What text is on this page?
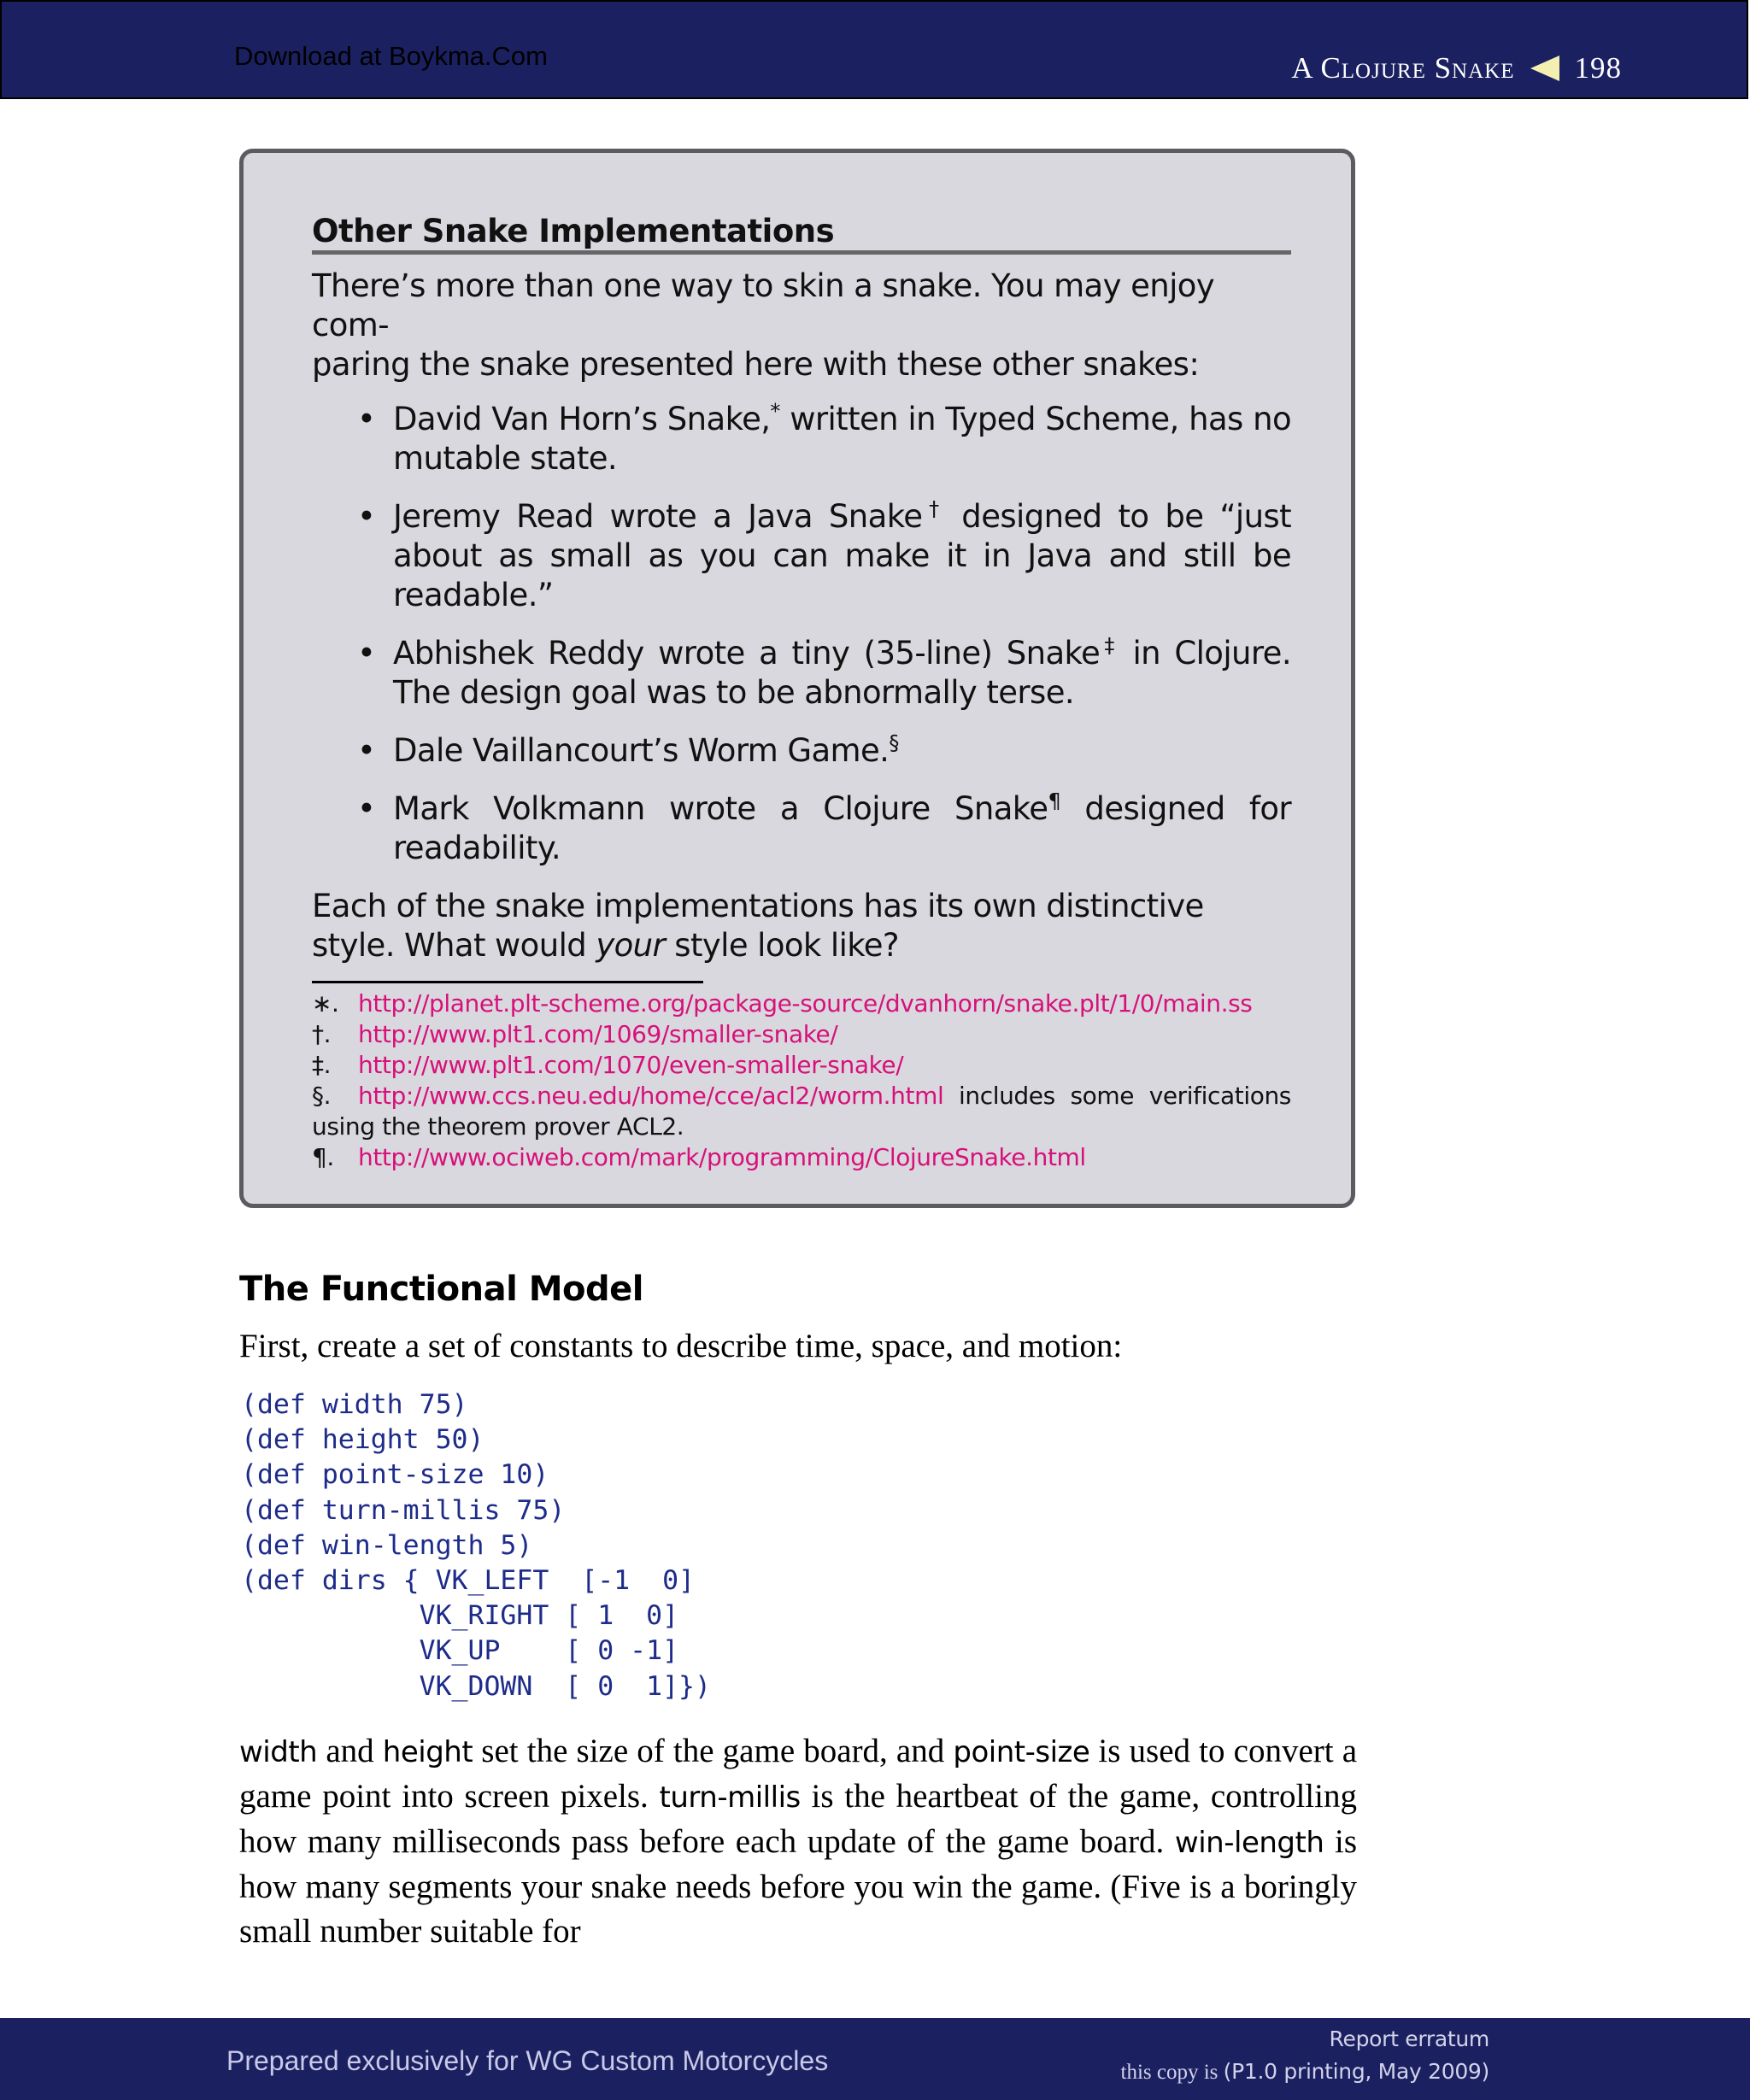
Download at Boykma.Com	A Clojure Snake 198
Other Snake Implementations

There’s more than one way to skin a snake. You may enjoy com-
paring the snake presented here with these other snakes:

• David Van Horn’s Snake,* written in Typed Scheme, has no mutable state.
• Jeremy Read wrote a Java Snake† designed to be “just about as small as you can make it in Java and still be readable.”
• Abhishek Reddy wrote a tiny (35-line) Snake‡ in Clojure. The design goal was to be abnormally terse.
• Dale Vaillancourt’s Worm Game.§
• Mark Volkmann wrote a Clojure Snake¶ designed for readability.

Each of the snake implementations has its own distinctive style. What would your style look like?

∗. http://planet.plt-scheme.org/package-source/dvanhorn/snake.plt/1/0/main.ss
†. http://www.plt1.com/1069/smaller-snake/
‡. http://www.plt1.com/1070/even-smaller-snake/
§. http://www.ccs.neu.edu/home/cce/acl2/worm.html includes some verifications using the theorem prover ACL2.
¶. http://www.ociweb.com/mark/programming/ClojureSnake.html
The Functional Model
First, create a set of constants to describe time, space, and motion:
(def width 75)
(def height 50)
(def point-size 10)
(def turn-millis 75)
(def win-length 5)
(def dirs { VK_LEFT  [-1  0]
VK_RIGHT [ 1  0]
VK_UP    [ 0 -1]
VK_DOWN  [ 0  1]})
width and height set the size of the game board, and point-size is used to convert a game point into screen pixels. turn-millis is the heartbeat of the game, controlling how many milliseconds pass before each update of the game board. win-length is how many segments your snake needs before you win the game. (Five is a boringly small number suitable for
Prepared exclusively for WG Custom Motorcycles
Report erratum
this copy is (P1.0 printing, May 2009)
